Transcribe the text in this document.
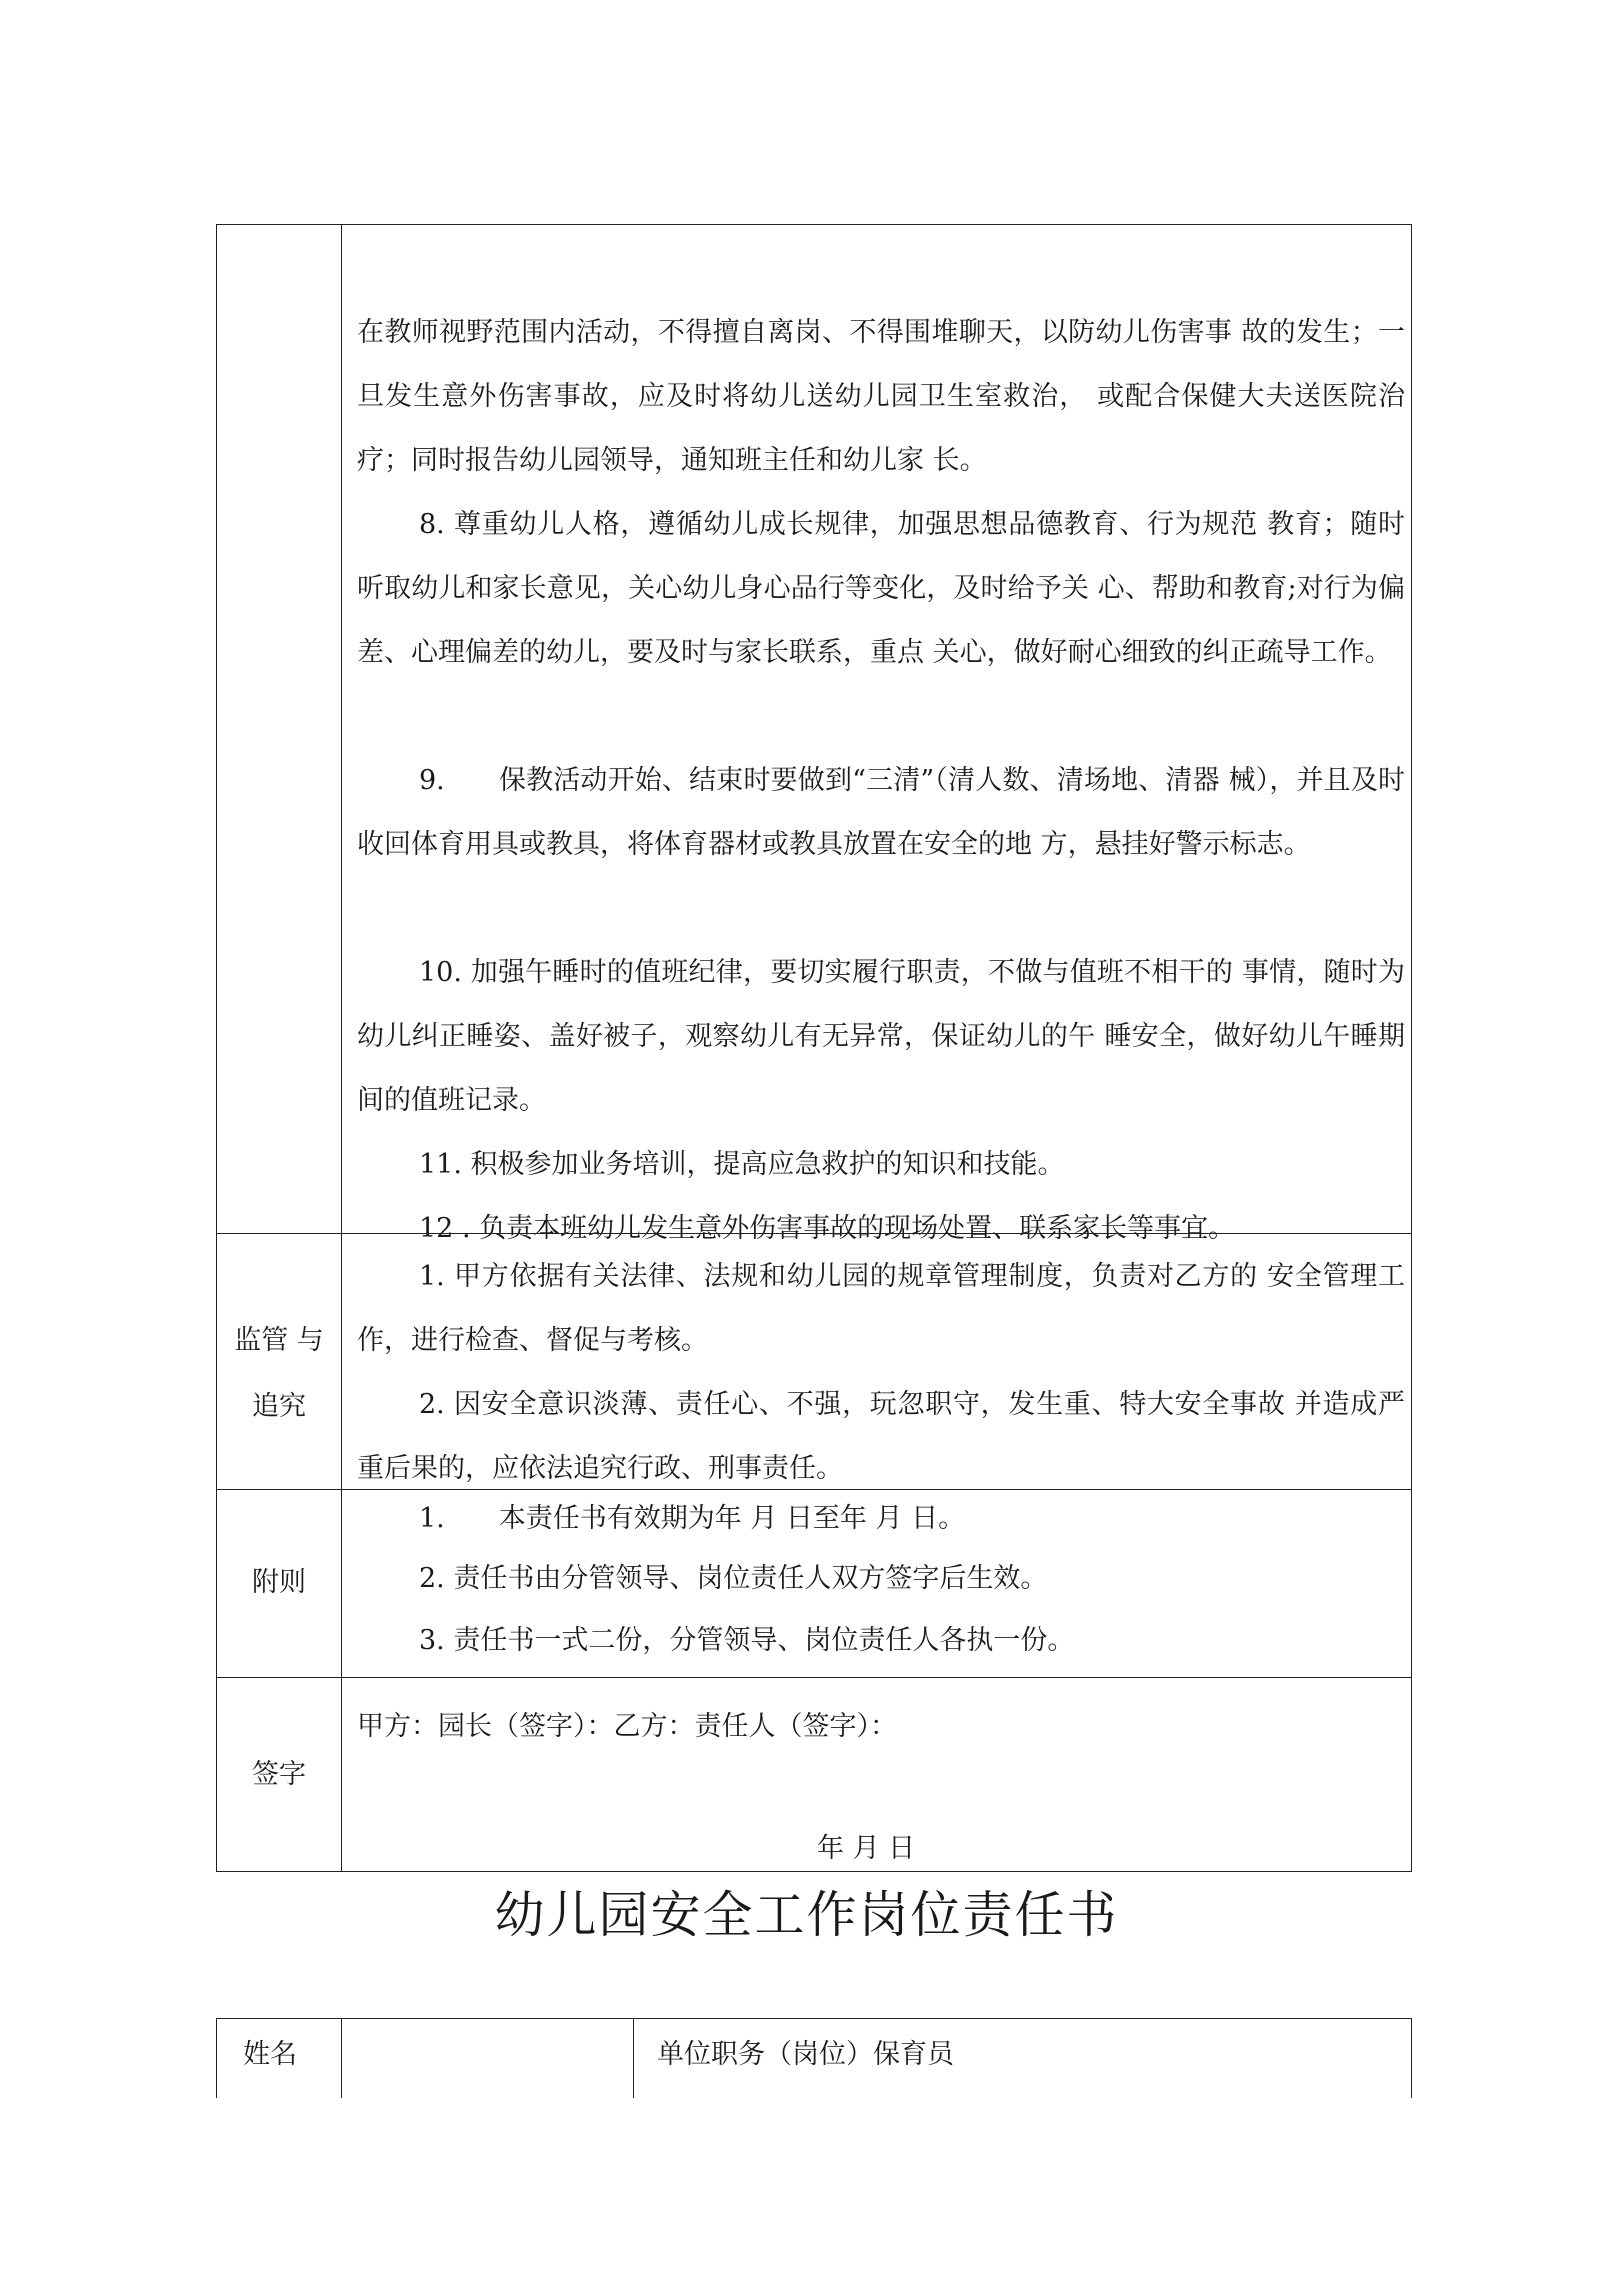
在教师视野范围内活动，不得擅自离岗、不得围堆聊天，以防幼儿伤害事 故的发生；一旦发生意外伤害事故，应及时将幼儿送幼儿园卫生室救治， 或配合保健大夫送医院治疗；同时报告幼儿园领导，通知班主任和幼儿家 长。

8. 尊重幼儿人格，遵循幼儿成长规律，加强思想品德教育、行为规范 教育；随时听取幼儿和家长意见，关心幼儿身心品行等变化，及时给予关 心、帮助和教育;对行为偏差、心理偏差的幼儿，要及时与家长联系，重点 关心，做好耐心细致的纠正疏导工作。

9.  保教活动开始、结束时要做到“三清”（清人数、清场地、清器 械），并且及时收回体育用具或教具，将体育器材或教具放置在安全的地 方，悬挂好警示标志。

10. 加强午睡时的值班纪律，要切实履行职责，不做与值班不相干的 事情，随时为幼儿纠正睡姿、盖好被子，观察幼儿有无异常，保证幼儿的午 睡安全，做好幼儿午睡期间的值班记录。

11. 积极参加业务培训，提高应急救护的知识和技能。

12 . 负责本班幼儿发生意外伤害事故的现场处置、联系家长等事宜。

监管 与
追究

1. 甲方依据有关法律、法规和幼儿园的规章管理制度，负责对乙方的 安全管理工作，进行检查、督促与考核。

2. 因安全意识淡薄、责任心、不强，玩忽职守，发生重、特大安全事故 并造成严重后果的，应依法追究行政、刑事责任。

附则

1.  本责任书有效期为年 月 日至年 月 日。

2. 责任书由分管领导、岗位责任人双方签字后生效。

3. 责任书一式二份，分管领导、岗位责任人各执一份。

签字

甲方：园长（签字）：乙方：责任人（签字）：

年 月 日

幼儿园安全工作岗位责任书
姓名	单位职务（岗位）保育员
